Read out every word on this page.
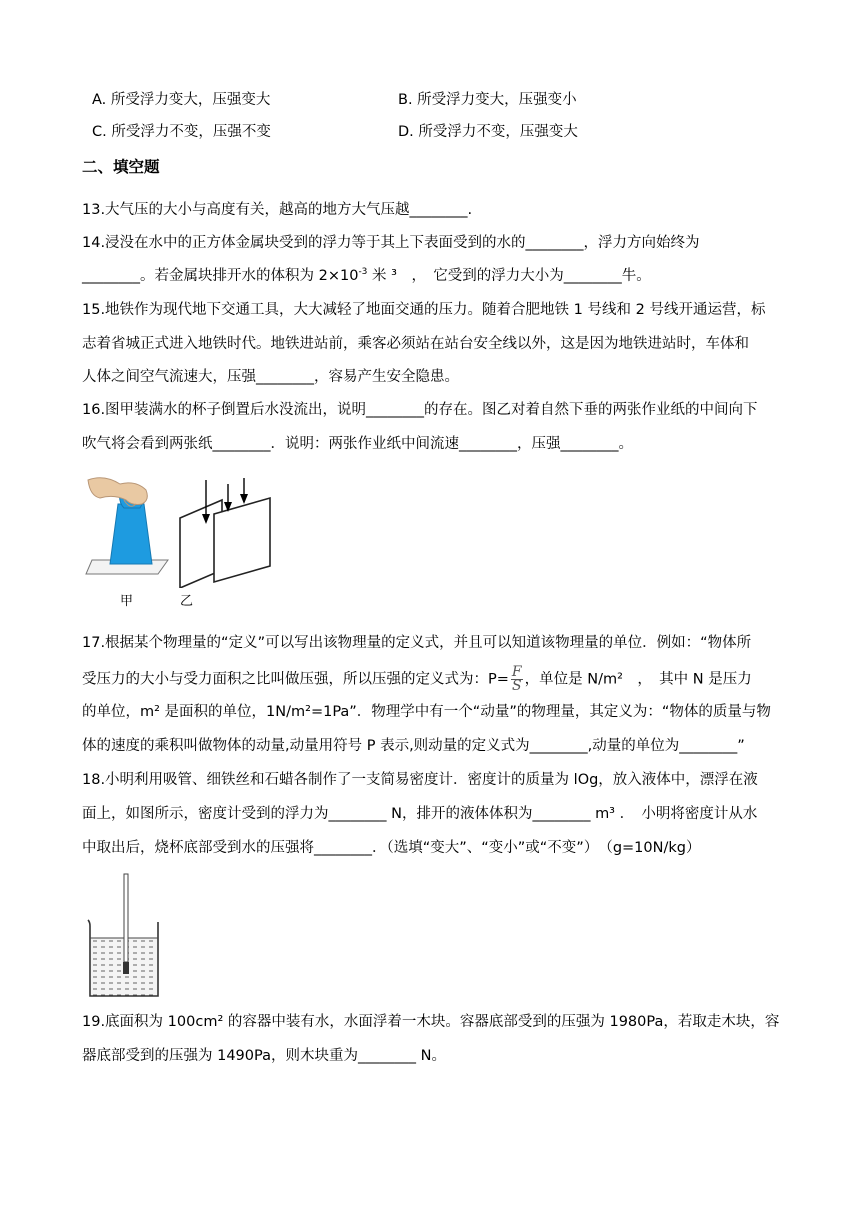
A. 所受浮力变大，压强变大	B. 所受浮力变大，压强变小
C. 所受浮力不变，压强不变	D. 所受浮力不变，压强变大
二、填空题
13.大气压的大小与高度有关，越高的地方大气压越________.
14.浸没在水中的正方体金属块受到的浮力等于其上下表面受到的水的________，浮力方向始终为
________。若金属块排开水的体积为 $2\times 10^{-3}$ 米 ³　，　它受到的浮力大小为________牛。
15.地铁作为现代地下交通工具，大大减轻了地面交通的压力。随着合肥地铁 1 号线和 2 号线开通运营，标
志着省城正式进入地铁时代。地铁进站前，乘客必须站在站台安全线以外，这是因为地铁进站时，车体和
人体之间空气流速大，压强________，容易产生安全隐患。
16.图甲装满水的杯子倒置后水没流出，说明________的存在。图乙对着自然下垂的两张作业纸的中间向下
吹气将会看到两张纸________．说明：两张作业纸中间流速________，压强________。
甲	乙
17.根据某个物理量的“定义”可以写出该物理量的定义式，并且可以知道该物理量的单位．例如：“物体所
受压力的大小与受力面积之比叫做压强，所以压强的定义式为：$P= \frac{F}{S}$ ，单位是 N/m²　，　其中 N 是压力
的单位，m² 是面积的单位，1N/m²=1Pa”．物理学中有一个“动量”的物理量，其定义为：“物体的质量与物
体的速度的乘积叫做物体的动量,动量用符号 P 表示,则动量的定义式为________,动量的单位为________”
18.小明利用吸管、细铁丝和石蜡各制作了一支简易密度计．密度计的质量为 lOg，放入液体中，漂浮在液
面上，如图所示，密度计受到的浮力为________ N，排开的液体体积为________ m³ ．　小明将密度计从水
中取出后，烧杯底部受到水的压强将________．（选填“变大”、“变小”或“不变”）　（g=10N/kg）
19.底面积为 100cm² 的容器中装有水，水面浮着一木块。容器底部受到的压强为 1980Pa，若取走木块，容
器底部受到的压强为 1490Pa，则木块重为________ N。
